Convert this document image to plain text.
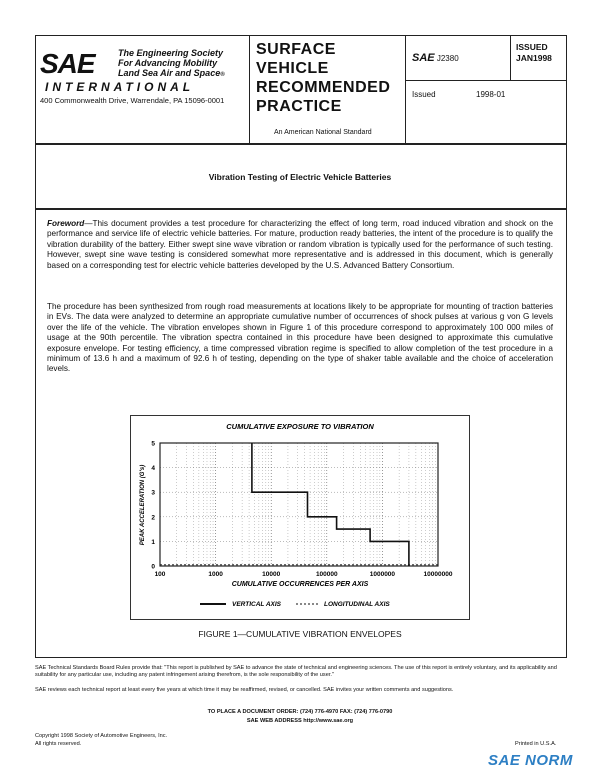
SAE	The Engineering Society
For Advancing Mobility
Land Sea Air and Space®
INTERNATIONAL
400 Commonwealth Drive, Warrendale, PA 15096-0001
SURFACE
VEHICLE
RECOMMENDED
PRACTICE
An American National Standard
SAE J2380
ISSUED
JAN1998
Issued	1998-01
Vibration Testing of Electric Vehicle Batteries
Foreword—This document provides a test procedure for characterizing the effect of long term, road induced vibration and shock on the performance and service life of electric vehicle batteries. For mature, production ready batteries, the intent of the procedure is to qualify the vibration durability of the battery. Either swept sine wave vibration or random vibration is typically used for the performance of such testing. However, swept sine wave testing is considered somewhat more representative and is addressed in this document, which is generally based on a corresponding test for electric vehicle batteries developed by the U.S. Advanced Battery Consortium.
The procedure has been synthesized from rough road measurements at locations likely to be appropriate for mounting of traction batteries in EVs. The data were analyzed to determine an appropriate cumulative number of occurrences of shock pulses at various g von G levels over the life of the vehicle. The vibration envelopes shown in Figure 1 of this procedure correspond to approximately 100 000 miles of usage at the 90th percentile. The vibration spectra contained in this procedure have been designed to approximate this cumulative exposure envelope. For testing efficiency, a time compressed vibration regime is specified to allow completion of the test procedure in a minimum of 13.6 h and a maximum of 92.6 h of testing, depending on the type of shaker table available and the choice of acceleration levels.
CUMULATIVE EXPOSURE TO VIBRATION
0
1
2
3
4
5
100	1000	10000	100000	1000000	10000000
PEAK ACCELERATION (G's)
CUMULATIVE OCCURRENCES PER AXIS
VERTICAL AXIS	LONGITUDINAL AXIS
FIGURE 1—CUMULATIVE VIBRATION ENVELOPES
SAE Technical Standards Board Rules provide that: "This report is published by SAE to advance the state of technical and engineering sciences. The use of this report is entirely voluntary, and its applicability and suitability for any particular use, including any patent infringement arising therefrom, is the sole responsibility of the user."
SAE reviews each technical report at least every five years at which time it may be reaffirmed, revised, or cancelled. SAE invites your written comments and suggestions.
TO PLACE A DOCUMENT ORDER: (724) 776-4970 FAX: (724) 776-0790
SAE WEB ADDRESS http://www.sae.org
Copyright 1998 Society of Automotive Engineers, Inc.
All rights reserved.	Printed in U.S.A.
SAE NORM
